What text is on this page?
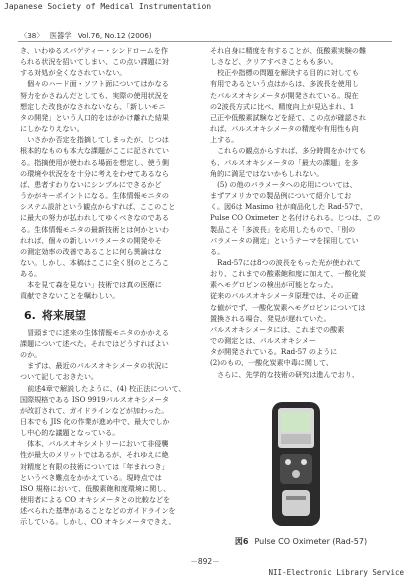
Japanese Society of Medical Instrumentation
〈38〉 医器学 Vol.76, No.12 (2006)

き、いわゆるスパゲティー・シンドロームを作
られる状況を招いてしまい、この点い課題に対
する対処が全くなされていない。
　個々のハード面・ソフト面についてはかなる
努力をかさねんだとしても、実際の使用状況を
想定した改良がなされないなら、「新しいモニ
タの開発」という人口的をはがかけ離れた結果
にしかなりえない。
　いさかか否定を指摘してしまったが、じつは
根本的なものも本大な課題がここに記されてい
る。指摘使用が使われる場面を想定し、使う側
の環境や状況をを十分に考えをわせてあるなら
ば、患者すわりないにシンプルにできるかど
うかがキーポイントになる。生体情報モニタの
システム設計という観点からすれば、ここのこと
に最大の努力が払われしてゆくべきなのである
る。生体情報モニタの最新技術とは何かといわ
れれば、個々の新しいパラメータの開発やそ
の測定効率の改善であることに何ら異論はな
ない。しかし、本稿はここに全く別のところこ
ある。
　本を見て森を見ない」技術では真の医療に
貢献できないことを嘱わしい。

6. 将来展望

　冒頭までに述来の生体情報モニタのかかえる
課題について述べた。それではどうすればよい
のか。
　まずは、最近のパルスオキシメータの状況に
ついて記しておきたい。
　前述4章で解説したように、(4) 校正法について、
国際規格である ISO 9919パルスオキシメータ
が改訂されて、ガイドラインなどが加わった。
日本でも JIS 化の作業が進め中で、最大でしか
し中心的な議題となっている。
　体本、パルスオキシメトリーにおいて非侵襲
性が最大のメリットではあるが、それゆえに絶
対精度と有限の技術については「年まれつき」
というべき難点をかかえている。現時点では
ISO 規格において、低酸素飽和度環境に関し、
使用者による CO オキシメータとの比較などを
述べられた基準があることなどのガイドラインを
示している。しかし、CO オキシメータできえ、

それ自身に精度を有することが、低酸素実験の難
しさなど、クリアすべきこともも多い。
　校正や指標の問題を解決する目的に対しても
有用であるという点はからは、多波長を使用し
たパルスオキシメータが開発されている。現在
の2波長方式に比べ、精度向上が見込まれ、1
己正や低酸素試験などを経て、この点が確認され
れば、パルスオキシメータの精度や有用性も向
上する。
　これらの観点からすれば、多分時間をかけても
も、パルスオキシメータの「最大の課題」を多
角的に満足ではないかもしれない。
　(5) の他のパラメータへの応用については、
まずアメリカでの製品例について紹介してお
く。図6は Masimo 社が商品化した Rad-57で、
Pulse CO Oximeter と名付けられる。じつは、この
製品こそ「多波長」を応用したもので、「別の
パラメータの測定」というテーマを採用してい
る。
　Rad-57には8つの波長をもった光が使われて
おり、これまでの酸素飽和度に加えて、一酸化炭
素ヘモグロビンの検出が可能となった。
従来のパルスオキシメータ原理では、その正確
な値がでず、一酸化炭素ヘモグロビンについては
置換される場合、発見が遅れていた。
パルスオキシメータには、これまでの酸素
での測定とは、パルスオキシメー
タが開発されている。Rad-57 のように
(2)のもの、一酸化炭素中毒に関して、
　さらに、先学的な技術の研究は進んでおり、

図6 Pulse CO Oximeter (Rad-57)
－892－
NII-Electronic Library Service
